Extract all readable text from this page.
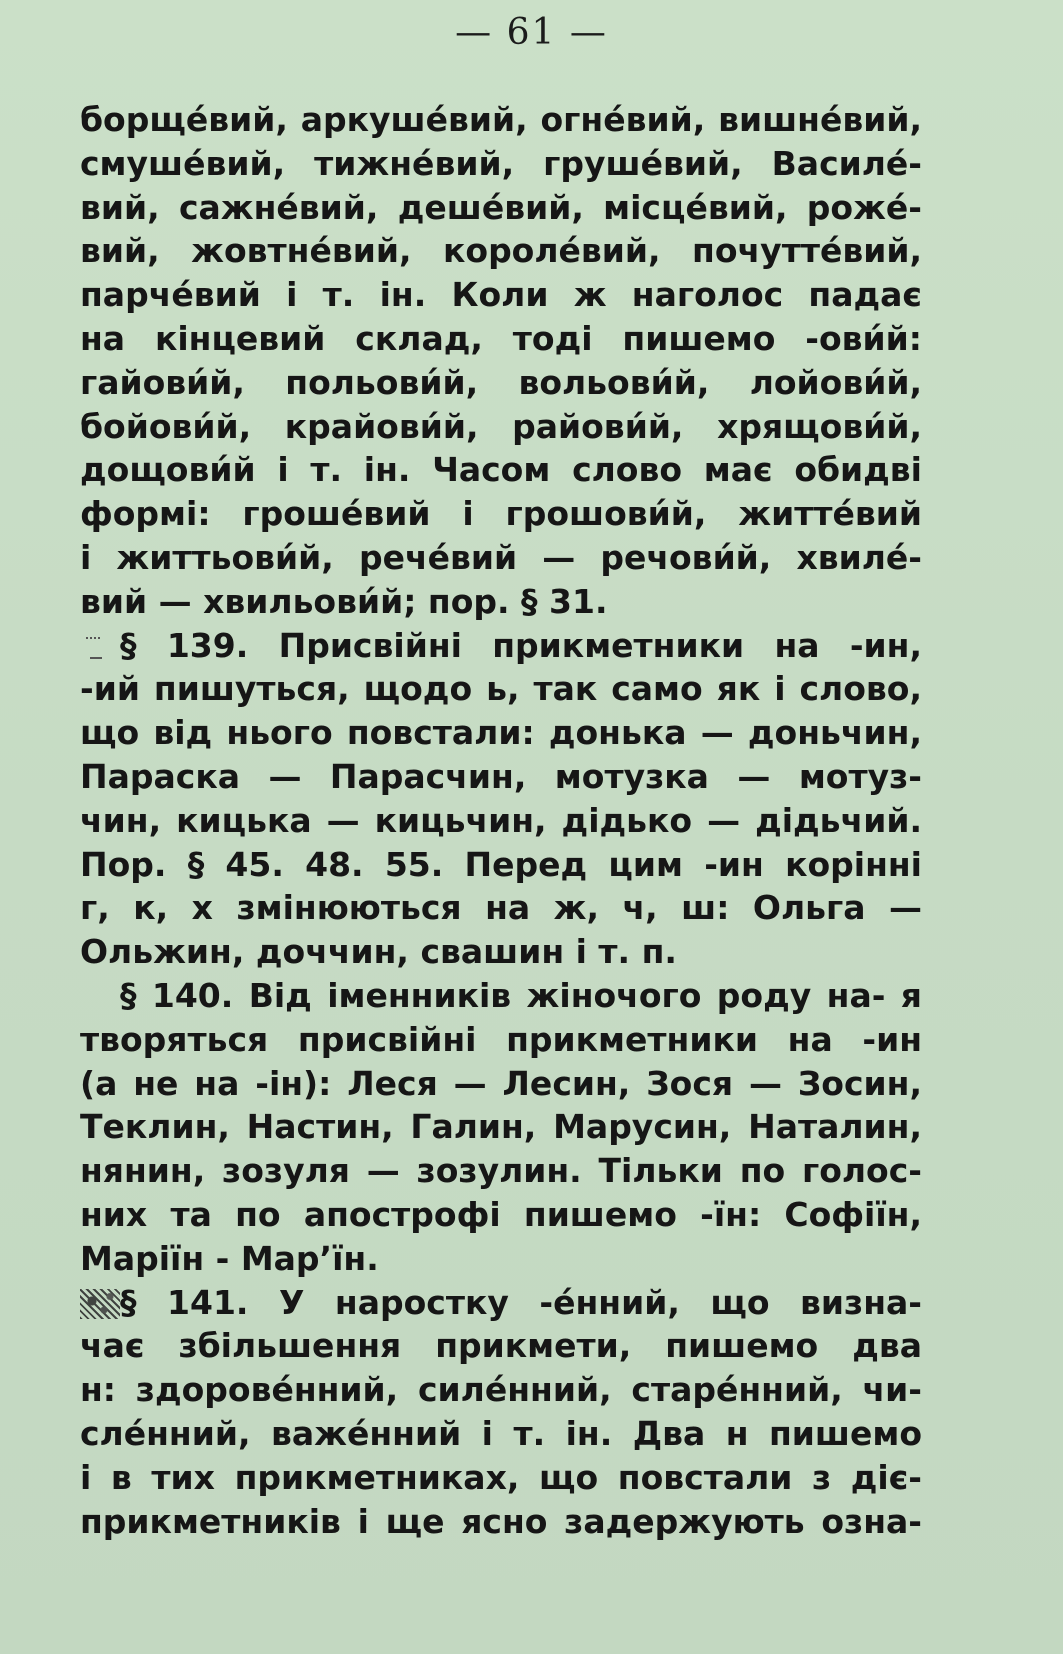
— 61 —
борщéвий, аркушéвий, огнéвий, вишнéвий,
смушéвий, тижнéвий, грушéвий, Василé-
вий, сажнéвий, дешéвий, місцéвий, рожé-
вий, жовтнéвий, королéвий, почуттéвий,
парчéвий і т. ін. Коли ж наголос падає
на кінцевий склад, тоді пишемо -ови́й:
гайови́й, польови́й, вольови́й, лойови́й,
бойови́й, крайови́й, райови́й, хрящови́й,
дощови́й і т. ін. Часом слово має обидві
формі: грошéвий і грошови́й, життéвий
і життьови́й, речéвий — речови́й, хвилé-
вий — хвильови́й; пор. § 31.
§ 139. Присвійні прикметники на -ин,
-ий пишуться, щодо ь, так само як і слово,
що від нього повстали: донька — доньчин,
Параска — Парасчин, мотузка — мотуз-
чин, кицька — кицьчин, дідько — дідьчий.
Пор. § 45. 48. 55. Перед цим -ин корінні
г, к, х змінюються на ж, ч, ш: Ольга —
Ольжин, доччин, свашин і т. п.
§ 140. Від іменників жіночого роду на- я
творяться присвійні прикметники на -ин
(а не на -ін): Леся — Лесин, Зося — Зосин,
Теклин, Настин, Галин, Марусин, Наталин,
нянин, зозуля — зозулин. Тільки по голос-
них та по апострофі пишемо -їн: Софіїн,
Маріїн - Мар’їн.
§ 141. У наростку -éнний, що визна-
чає збільшення прикмети, пишемо два
н: здоровéнний, силéнний, старéнний, чи-
слéнний, важéнний і т. ін. Два н пишемо
і в тих прикметниках, що повстали з діє-
прикметників і ще ясно задержують озна-
